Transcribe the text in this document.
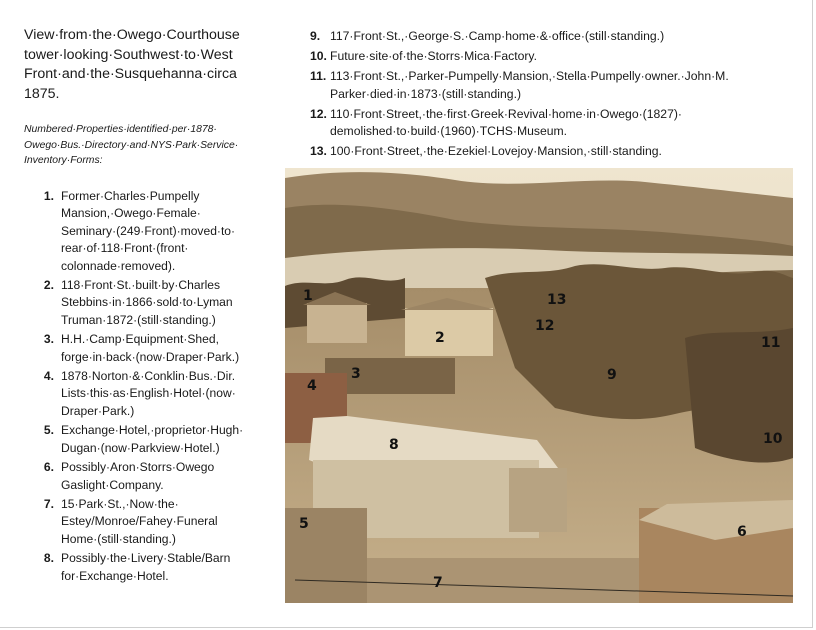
View·from·the·Owego·Courthouse tower·looking·Southwest·to·West Front·and·the·Susquehanna·circa 1875.

Numbered·Properties·identified·per·1878· Owego·Bus.·Directory·and·NYS·Park·Service· Inventory·Forms:

1. Former·Charles·Pumpelly Mansion,·Owego·Female· Seminary·(249·Front)·moved·to· rear·of·118·Front·(front· colonnade·removed).
2. 118·Front·St.·built·by·Charles Stebbins·in·1866·sold·to·Lyman Truman·1872·(still·standing.)
3. H.H.·Camp·Equipment·Shed, forge·in·back·(now·Draper·Park.)
4. 1878·Norton·&·Conklin·Bus.·Dir. Lists·this·as·English·Hotel·(now· Draper·Park.)
5. Exchange·Hotel,·proprietor·Hugh· Dugan·(now·Parkview·Hotel.)
6. Possibly·Aron·Storrs·Owego Gaslight·Company.
7. 15·Park·St.,·Now·the· Estey/Monroe/Fahey·Funeral Home·(still·standing.)
8. Possibly·the·Livery·Stable/Barn for·Exchange·Hotel.
9. 117·Front·St.,·George·S.·Camp·home·&·office·(still·standing.)
10. Future·site·of·the·Storrs·Mica·Factory.
11. 113·Front·St.,·Parker-Pumpelly·Mansion,·Stella·Pumpelly·owner.·John·M. Parker·died·in·1873·(still·standing.)
12. 110·Front·Street,·the·first·Greek·Revival·home·in·Owego·(1827)· demolished·to·build·(1960)·TCHS·Museum.
13. 100·Front·Street,·the·Ezekiel·Lovejoy·Mansion,·still·standing.
1
2
3
4
5	6
7
8
9
10
11
12
13
